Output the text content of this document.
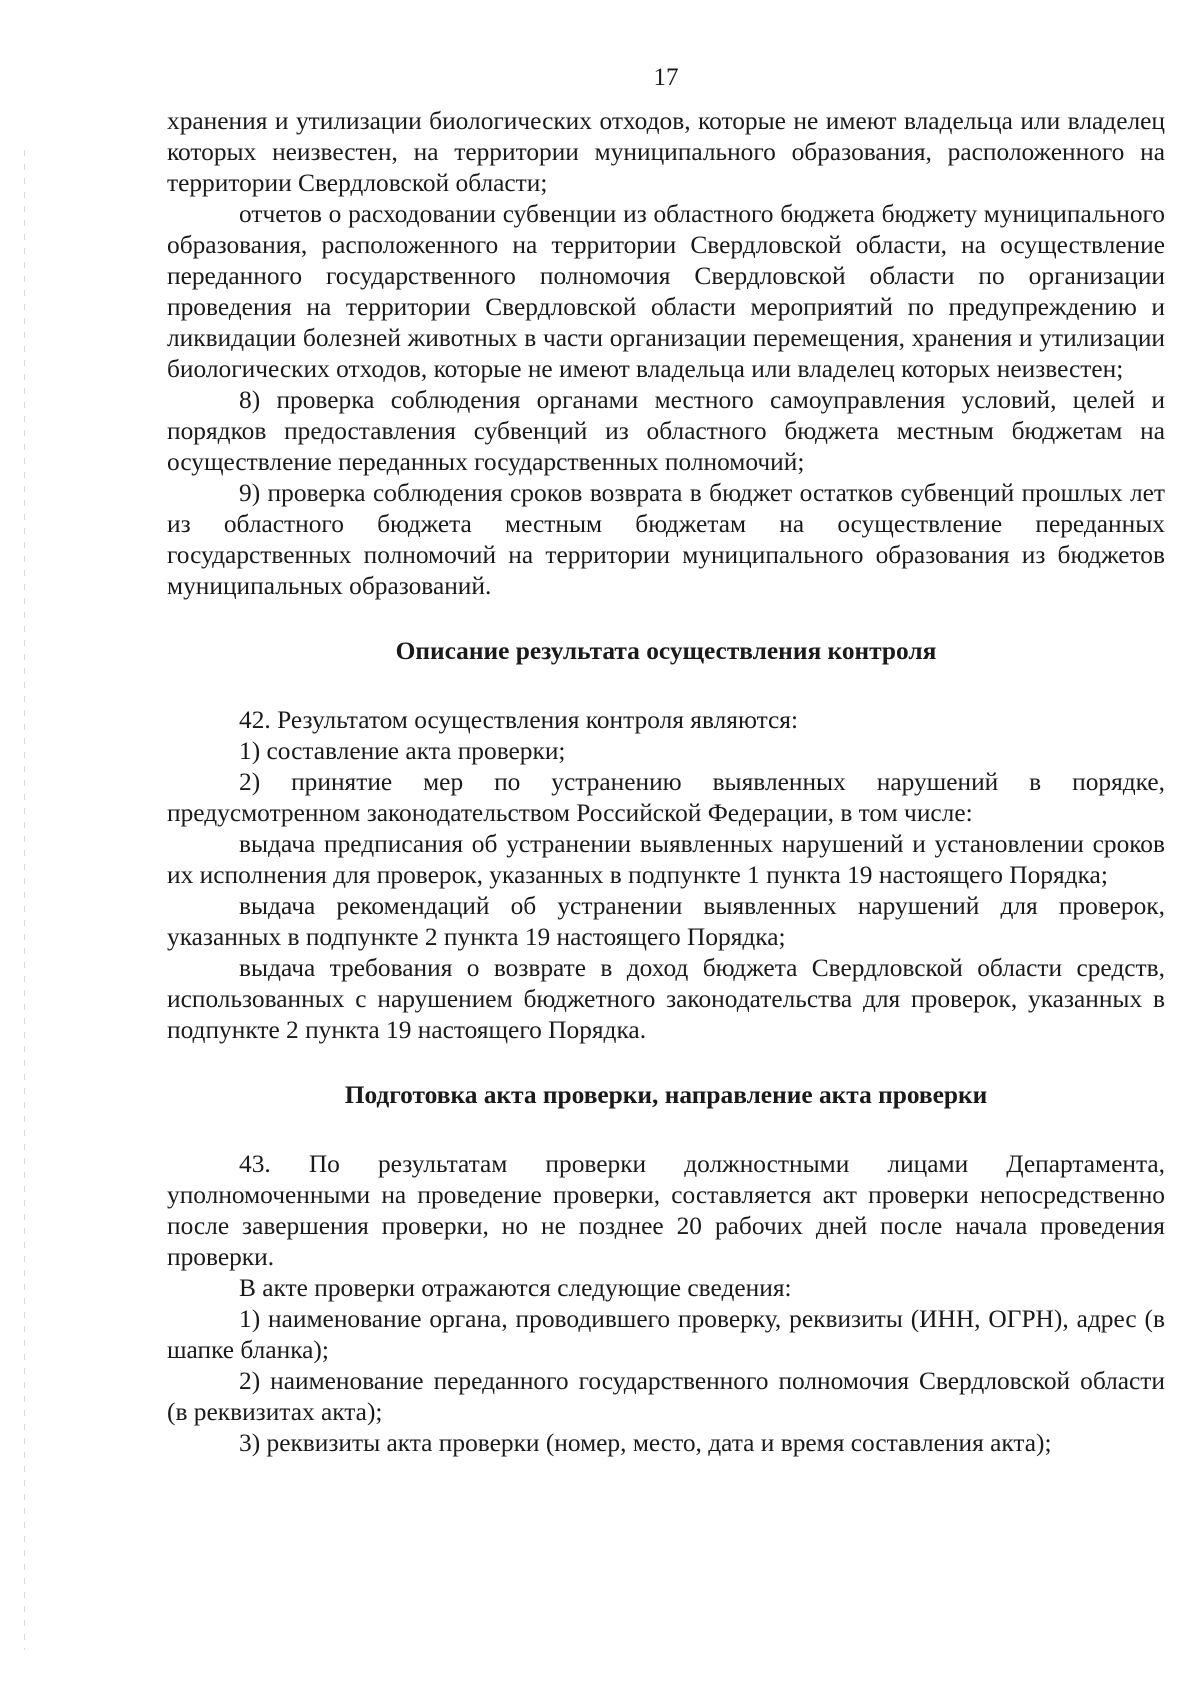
17

хранения и утилизации биологических отходов, которые не имеют владельца или владелец которых неизвестен, на территории муниципального образования, расположенного на территории Свердловской области;

отчетов о расходовании субвенции из областного бюджета бюджету муниципального образования, расположенного на территории Свердловской области, на осуществление переданного государственного полномочия Свердловской области по организации проведения на территории Свердловской области мероприятий по предупреждению и ликвидации болезней животных в части организации перемещения, хранения и утилизации биологических отходов, которые не имеют владельца или владелец которых неизвестен;

8) проверка соблюдения органами местного самоуправления условий, целей и порядков предоставления субвенций из областного бюджета местным бюджетам на осуществление переданных государственных полномочий;

9) проверка соблюдения сроков возврата в бюджет остатков субвенций прошлых лет из областного бюджета местным бюджетам на осуществление переданных государственных полномочий на территории муниципального образования из бюджетов муниципальных образований.

Описание результата осуществления контроля

42. Результатом осуществления контроля являются:

1) составление акта проверки;

2) принятие мер по устранению выявленных нарушений в порядке, предусмотренном законодательством Российской Федерации, в том числе:

выдача предписания об устранении выявленных нарушений и установлении сроков их исполнения для проверок, указанных в подпункте 1 пункта 19 настоящего Порядка;

выдача рекомендаций об устранении выявленных нарушений для проверок, указанных в подпункте 2 пункта 19 настоящего Порядка;

выдача требования о возврате в доход бюджета Свердловской области средств, использованных с нарушением бюджетного законодательства для проверок, указанных в подпункте 2 пункта 19 настоящего Порядка.

Подготовка акта проверки, направление акта проверки

43. По результатам проверки должностными лицами Департамента, уполномоченными на проведение проверки, составляется акт проверки непосредственно после завершения проверки, но не позднее 20 рабочих дней после начала проведения проверки.

В акте проверки отражаются следующие сведения:

1) наименование органа, проводившего проверку, реквизиты (ИНН, ОГРН), адрес (в шапке бланка);

2) наименование переданного государственного полномочия Свердловской области (в реквизитах акта);

3) реквизиты акта проверки (номер, место, дата и время составления акта);
